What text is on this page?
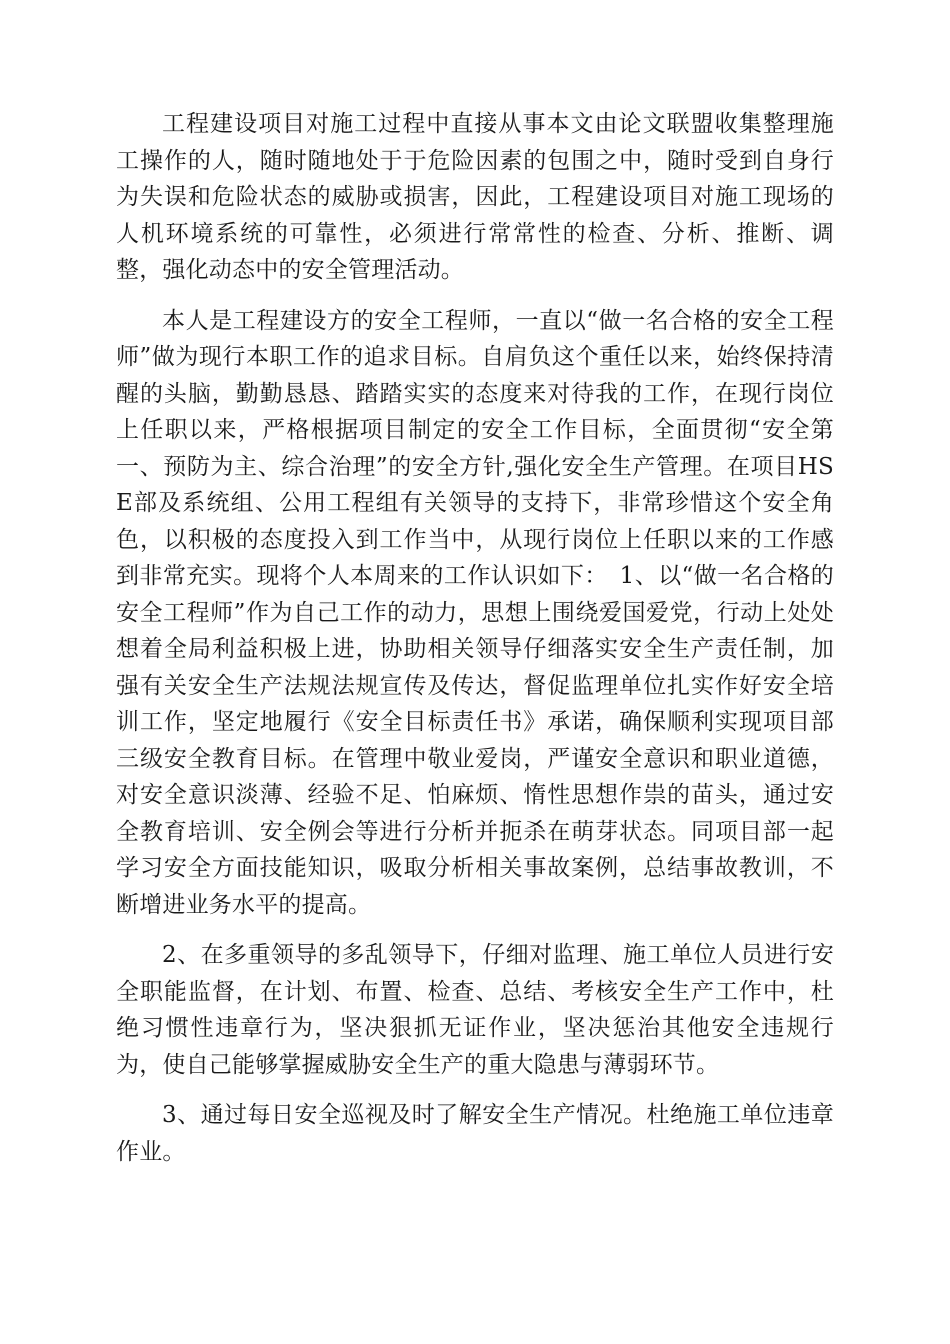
工程建设项目对施工过程中直接从事本文由论文联盟收集整理施工操作的人，随时随地处于于危险因素的包围之中，随时受到自身行为失误和危险状态的威胁或损害，因此，工程建设项目对施工现场的人机环境系统的可靠性，必须进行常常性的检查、分析、推断、调整，强化动态中的安全管理活动。

本人是工程建设方的安全工程师，一直以“做一名合格的安全工程师”做为现行本职工作的追求目标。自肩负这个重任以来，始终保持清醒的头脑，勤勤恳恳、踏踏实实的态度来对待我的工作，在现行岗位上任职以来，严格根据项目制定的安全工作目标，全面贯彻“安全第一、预防为主、综合治理”的安全方针,强化安全生产管理。在项目HSE部及系统组、公用工程组有关领导的支持下，非常珍惜这个安全角色，以积极的态度投入到工作当中，从现行岗位上任职以来的工作感到非常充实。现将个人本周来的工作认识如下：　1、以“做一名合格的安全工程师”作为自己工作的动力，思想上围绕爱国爱党，行动上处处想着全局利益积极上进，协助相关领导仔细落实安全生产责任制，加强有关安全生产法规法规宣传及传达，督促监理单位扎实作好安全培训工作，坚定地履行《安全目标责任书》承诺，确保顺利实现项目部三级安全教育目标。在管理中敬业爱岗，严谨安全意识和职业道德，对安全意识淡薄、经验不足、怕麻烦、惰性思想作祟的苗头，通过安全教育培训、安全例会等进行分析并扼杀在萌芽状态。同项目部一起学习安全方面技能知识，吸取分析相关事故案例，总结事故教训，不断增进业务水平的提高。

2、在多重领导的多乱领导下，仔细对监理、施工单位人员进行安全职能监督，在计划、布置、检查、总结、考核安全生产工作中，杜绝习惯性违章行为，坚决狠抓无证作业，坚决惩治其他安全违规行为，使自己能够掌握威胁安全生产的重大隐患与薄弱环节。

3、通过每日安全巡视及时了解安全生产情况。杜绝施工单位违章作业。
